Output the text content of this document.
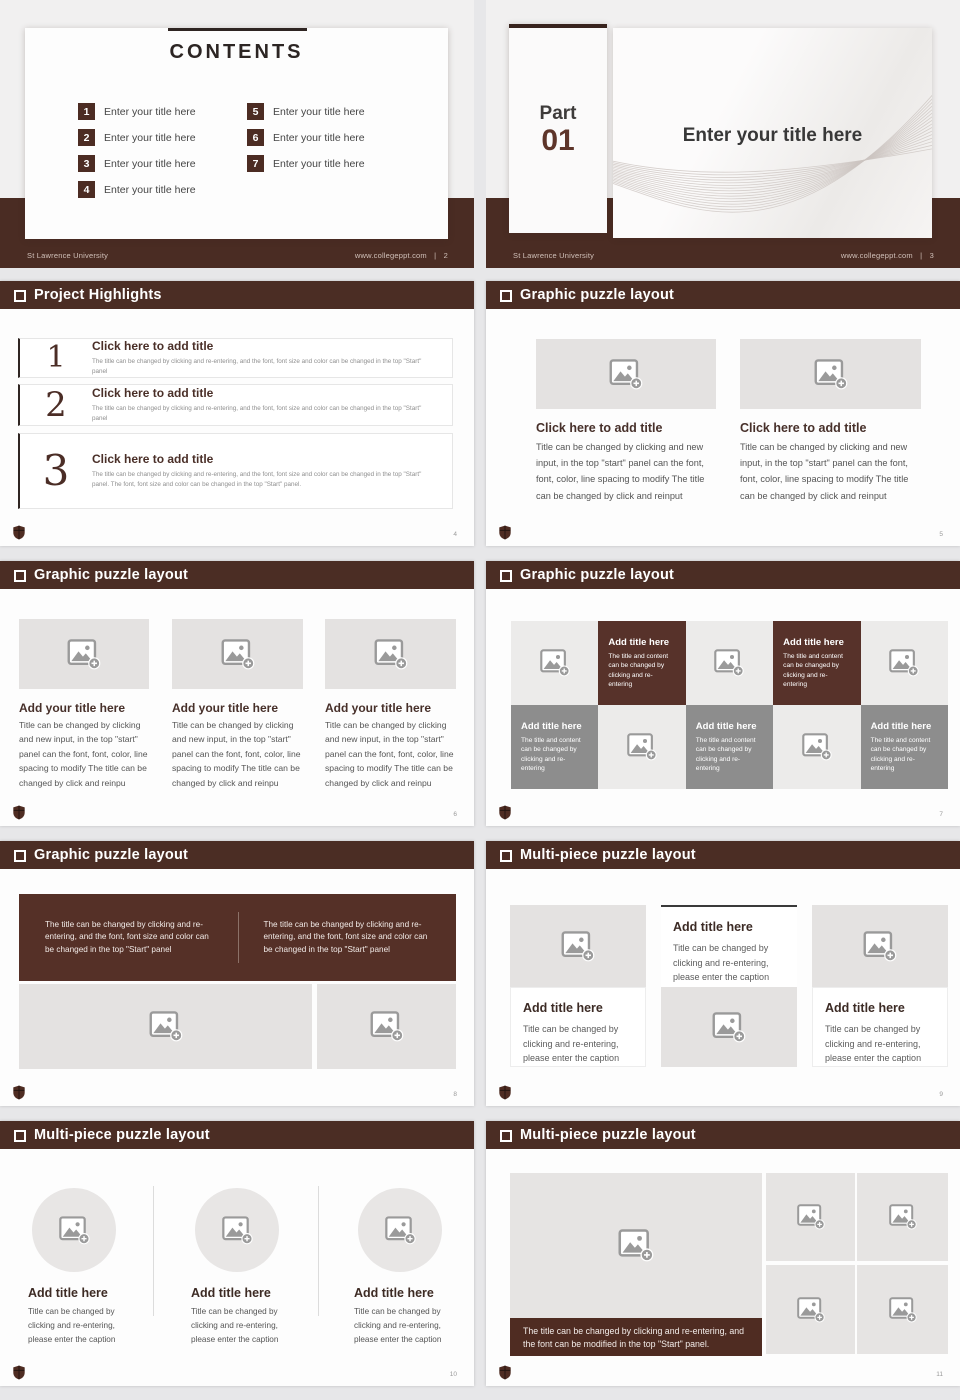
St Lawrence University	www.collegeppt.com | 2
CONTENTS
1	Enter your title here
2	Enter your title here
3	Enter your title here
4	Enter your title here
5	Enter your title here
6	Enter your title here
7	Enter your title here
St Lawrence University	www.collegeppt.com | 3
Part
01	Enter your title here
Project Highlights
1	Click here to add title
The title can be changed by clicking and re-entering, and the font, font size and color can be changed in the top "Start" panel
2	Click here to add title
The title can be changed by clicking and re-entering, and the font, font size and color can be changed in the top "Start" panel
3	Click here to add title
The title can be changed by clicking and re-entering, and the font, font size and color can be changed in the top "Start" panel. The font, font size and color can be changed in the top "Start" panel.
4
Graphic puzzle layout
Click here to add title	Click here to add title
Title can be changed by clicking and new input, in the top "start" panel can the font, font, color, line spacing to modify The title can be changed by click and reinput
Title can be changed by clicking and new input, in the top "start" panel can the font, font, color, line spacing to modify The title can be changed by click and reinput
5
Graphic puzzle layout
Add your title here	Add your title here	Add your title here
Title can be changed by clicking and new input, in the top "start" panel can the font, font, color, line spacing to modify The title can be changed by click and reinpu
Title can be changed by clicking and new input, in the top "start" panel can the font, font, color, line spacing to modify The title can be changed by click and reinpu
Title can be changed by clicking and new input, in the top "start" panel can the font, font, color, line spacing to modify The title can be changed by click and reinpu
6
Graphic puzzle layout
Add title here
The title and content can be changed by clicking and re-entering
Add title here
The title and content can be changed by clicking and re-entering
Add title here
The title and content can be changed by clicking and re-entering
Add title here
The title and content can be changed by clicking and re-entering
Add title here
The title and content can be changed by clicking and re-entering
7
Graphic puzzle layout
The title can be changed by clicking and re-entering, and the font, font size and color can be changed in the top "Start" panel
The title can be changed by clicking and re-entering, and the font, font size and color can be changed in the top "Start" panel
8
Multi-piece puzzle layout

Add title here

Title can be changed by clicking and re-entering, please enter the caption

Add title here

Title can be changed by clicking and re-entering, please enter the caption

Add title here

Title can be changed by clicking and re-entering, please enter the caption

9
Multi-piece puzzle layout
Add title here	Add title here	Add title here
Title can be changed by clicking and re-entering, please enter the caption
Title can be changed by clicking and re-entering, please enter the caption
Title can be changed by clicking and re-entering, please enter the caption
10
Multi-piece puzzle layout
The title can be changed by clicking and re-entering, and the font can be modified in the top "Start" panel.
11
